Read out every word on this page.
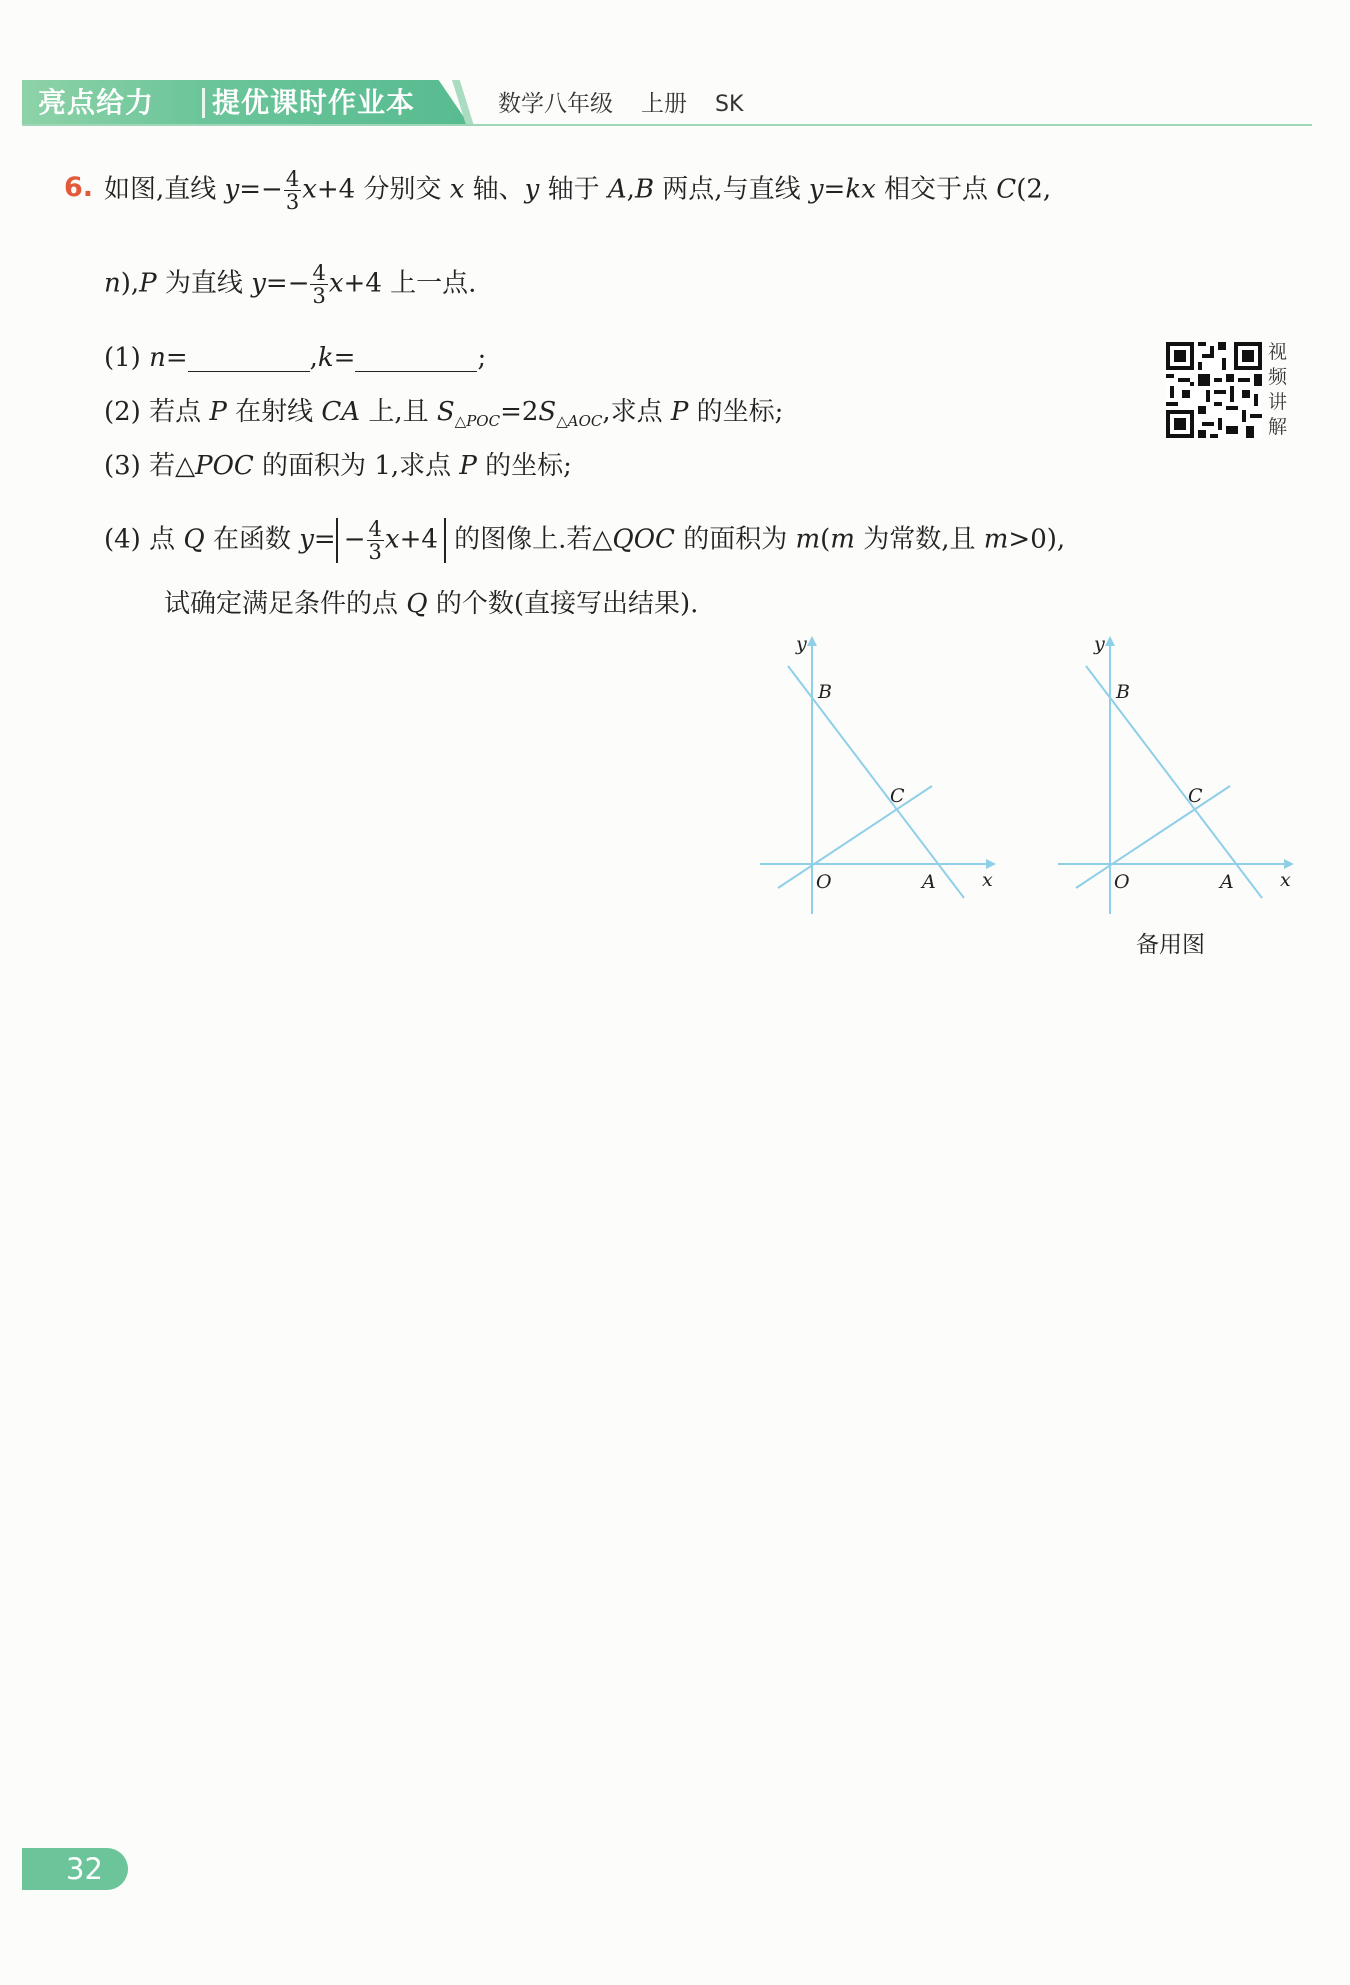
亮点给力 提优课时作业本	数学八年级 上册 SK
6. 如图,直线 $y=- \frac{4}{3} x+4$ 分别交 x 轴、y 轴于 A,B 两点,与直线 y=kx 相交于点 C(2,
n),P 为直线 $y=- \frac{4}{3} x+4$ 上一点.
(1) n=	,k=	;
(2) 若点 P 在射线 CA 上,且 $S_{\triangle POC}=2S_{\triangle AOC}$,求点 P 的坐标;
(3) 若△POC 的面积为 1,求点 P 的坐标;
(4) 点 Q 在函数 $y= - \frac{4}{3} x+4$ 的图像上.若△QOC 的面积为 m(m 为常数,且 m>0),
试确定满足条件的点 Q 的个数(直接写出结果).
视
频
讲
解
y
x
O	A
B
C
y
x
O	A
B
C
备用图
32
